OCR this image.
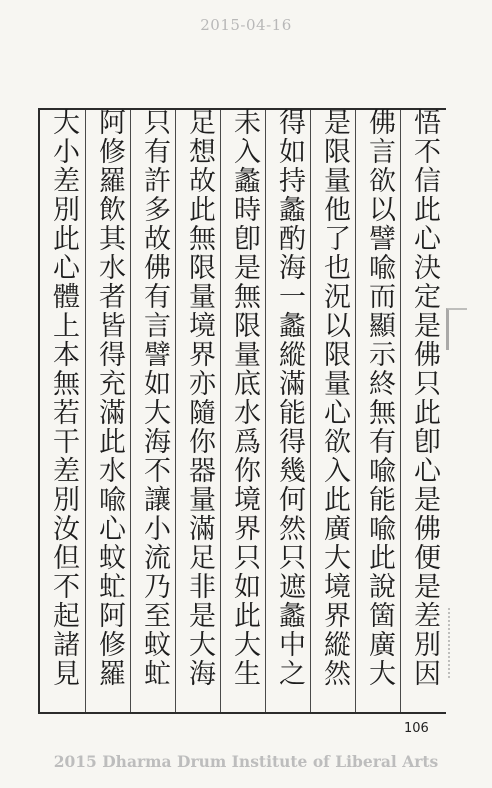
2015-04-16
悟不信此心決定是佛只此卽心是佛便是差別因
佛言欲以譬喩而顯示終無有喩能喩此說箇廣大
是限量他了也況以限量心欲入此廣大境界縱然
得如持蠡酌海一蠡縱滿能得幾何然只遮蠡中之
未入蠡時卽是無限量底水爲你境界只如此大生
足想故此無限量境界亦隨你器量滿足非是大海
只有許多故佛有言譬如大海不讓小流乃至蚊虻
阿修羅飲其水者皆得充滿此水喩心蚊虻阿修羅
大小差別此心體上本無若干差別汝但不起諸見
106
2015 Dharma Drum Institute of Liberal Arts
